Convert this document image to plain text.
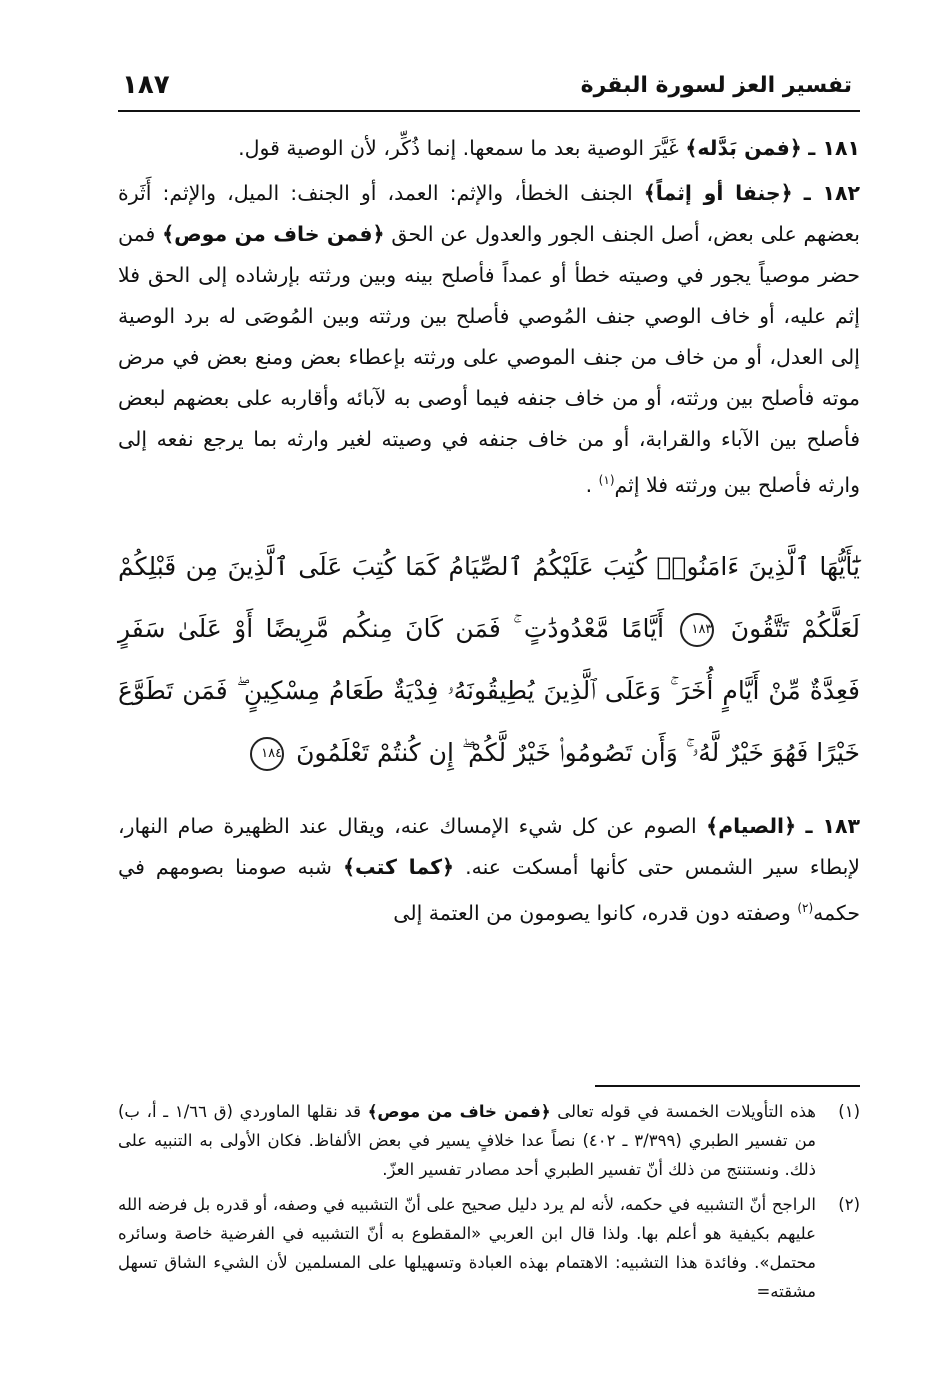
١٨٧	تفسير العز لسورة البقرة

١٨١ ـ ﴿فمن بَدَّله﴾ غَيَّرَ الوصية بعد ما سمعها. إنما ذُكِّر، لأن الوصية قول.

١٨٢ ـ ﴿جنفا أو إثماً﴾ الجنف الخطأ، والإثم: العمد، أو الجنف: الميل، والإثم: أَثَرة بعضهم على بعض، أصل الجنف الجور والعدول عن الحق ﴿فمن خاف من موص﴾ فمن حضر موصياً يجور في وصيته خطأ أو عمداً فأصلح بينه وبين ورثته بإرشاده إلى الحق فلا إثم عليه، أو خاف الوصي جنف المُوصي فأصلح بين ورثته وبين المُوصَى له برد الوصية إلى العدل، أو من خاف من جنف الموصي على ورثته بإعطاء بعض ومنع بعض في مرض موته فأصلح بين ورثته، أو من خاف جنفه فيما أوصى به لآبائه وأقاربه على بعضهم لبعض فأصلح بين الآباء والقرابة، أو من خاف جنفه في وصيته لغير وارثه بما يرجع نفعه إلى وارثه فأصلح بين ورثته فلا إثم$^{(١)}$ .

يَٰٓأَيُّهَا ٱلَّذِينَ ءَامَنُوا۟ كُتِبَ عَلَيْكُمُ ٱلصِّيَامُ كَمَا كُتِبَ عَلَى ٱلَّذِينَ مِن قَبْلِكُمْ لَعَلَّكُمْ تَتَّقُونَ ١٨٣ أَيَّامًا مَّعْدُودَٰتٍ ۚ فَمَن كَانَ مِنكُم مَّرِيضًا أَوْ عَلَىٰ سَفَرٍ فَعِدَّةٌ مِّنْ أَيَّامٍ أُخَرَ ۚ وَعَلَى ٱلَّذِينَ يُطِيقُونَهُۥ فِدْيَةٌ طَعَامُ مِسْكِينٍ ۖ فَمَن تَطَوَّعَ خَيْرًا فَهُوَ خَيْرٌ لَّهُۥ ۚ وَأَن تَصُومُوا۟ خَيْرٌ لَّكُمْ ۖ إِن كُنتُمْ تَعْلَمُونَ ١٨٤

١٨٣ ـ ﴿الصيام﴾ الصوم عن كل شيء الإمساك عنه، ويقال عند الظهيرة صام النهار، لإبطاء سير الشمس حتى كأنها أمسكت عنه. ﴿كما كتب﴾ شبه صومنا بصومهم في حكمه$^{(٢)}$ وصفته دون قدره، كانوا يصومون من العتمة إلى

(١)
هذه التأويلات الخمسة في قوله تعالى ﴿فمن خاف من موص﴾ قد نقلها الماوردي (ق ١/٦٦ ـ أ، ب) من تفسير الطبري (٣/٣٩٩ ـ ٤٠٢) نصاً عدا خلافٍ يسير في بعض الألفاظ. فكان الأولى به التنبيه على ذلك. ونستنتج من ذلك أنّ تفسير الطبري أحد مصادر تفسير العزّ.
(٢)
الراجح أنّ التشبيه في حكمه، لأنه لم يرد دليل صحيح على أنّ التشبيه في وصفه، أو قدره بل فرضه الله عليهم بكيفية هو أعلم بها. ولذا قال ابن العربي «المقطوع به أنّ التشبيه في الفرضية خاصة وسائره محتمل». وفائدة هذا التشبيه: الاهتمام بهذه العبادة وتسهيلها على المسلمين لأن الشيء الشاق تسهل مشقته=
